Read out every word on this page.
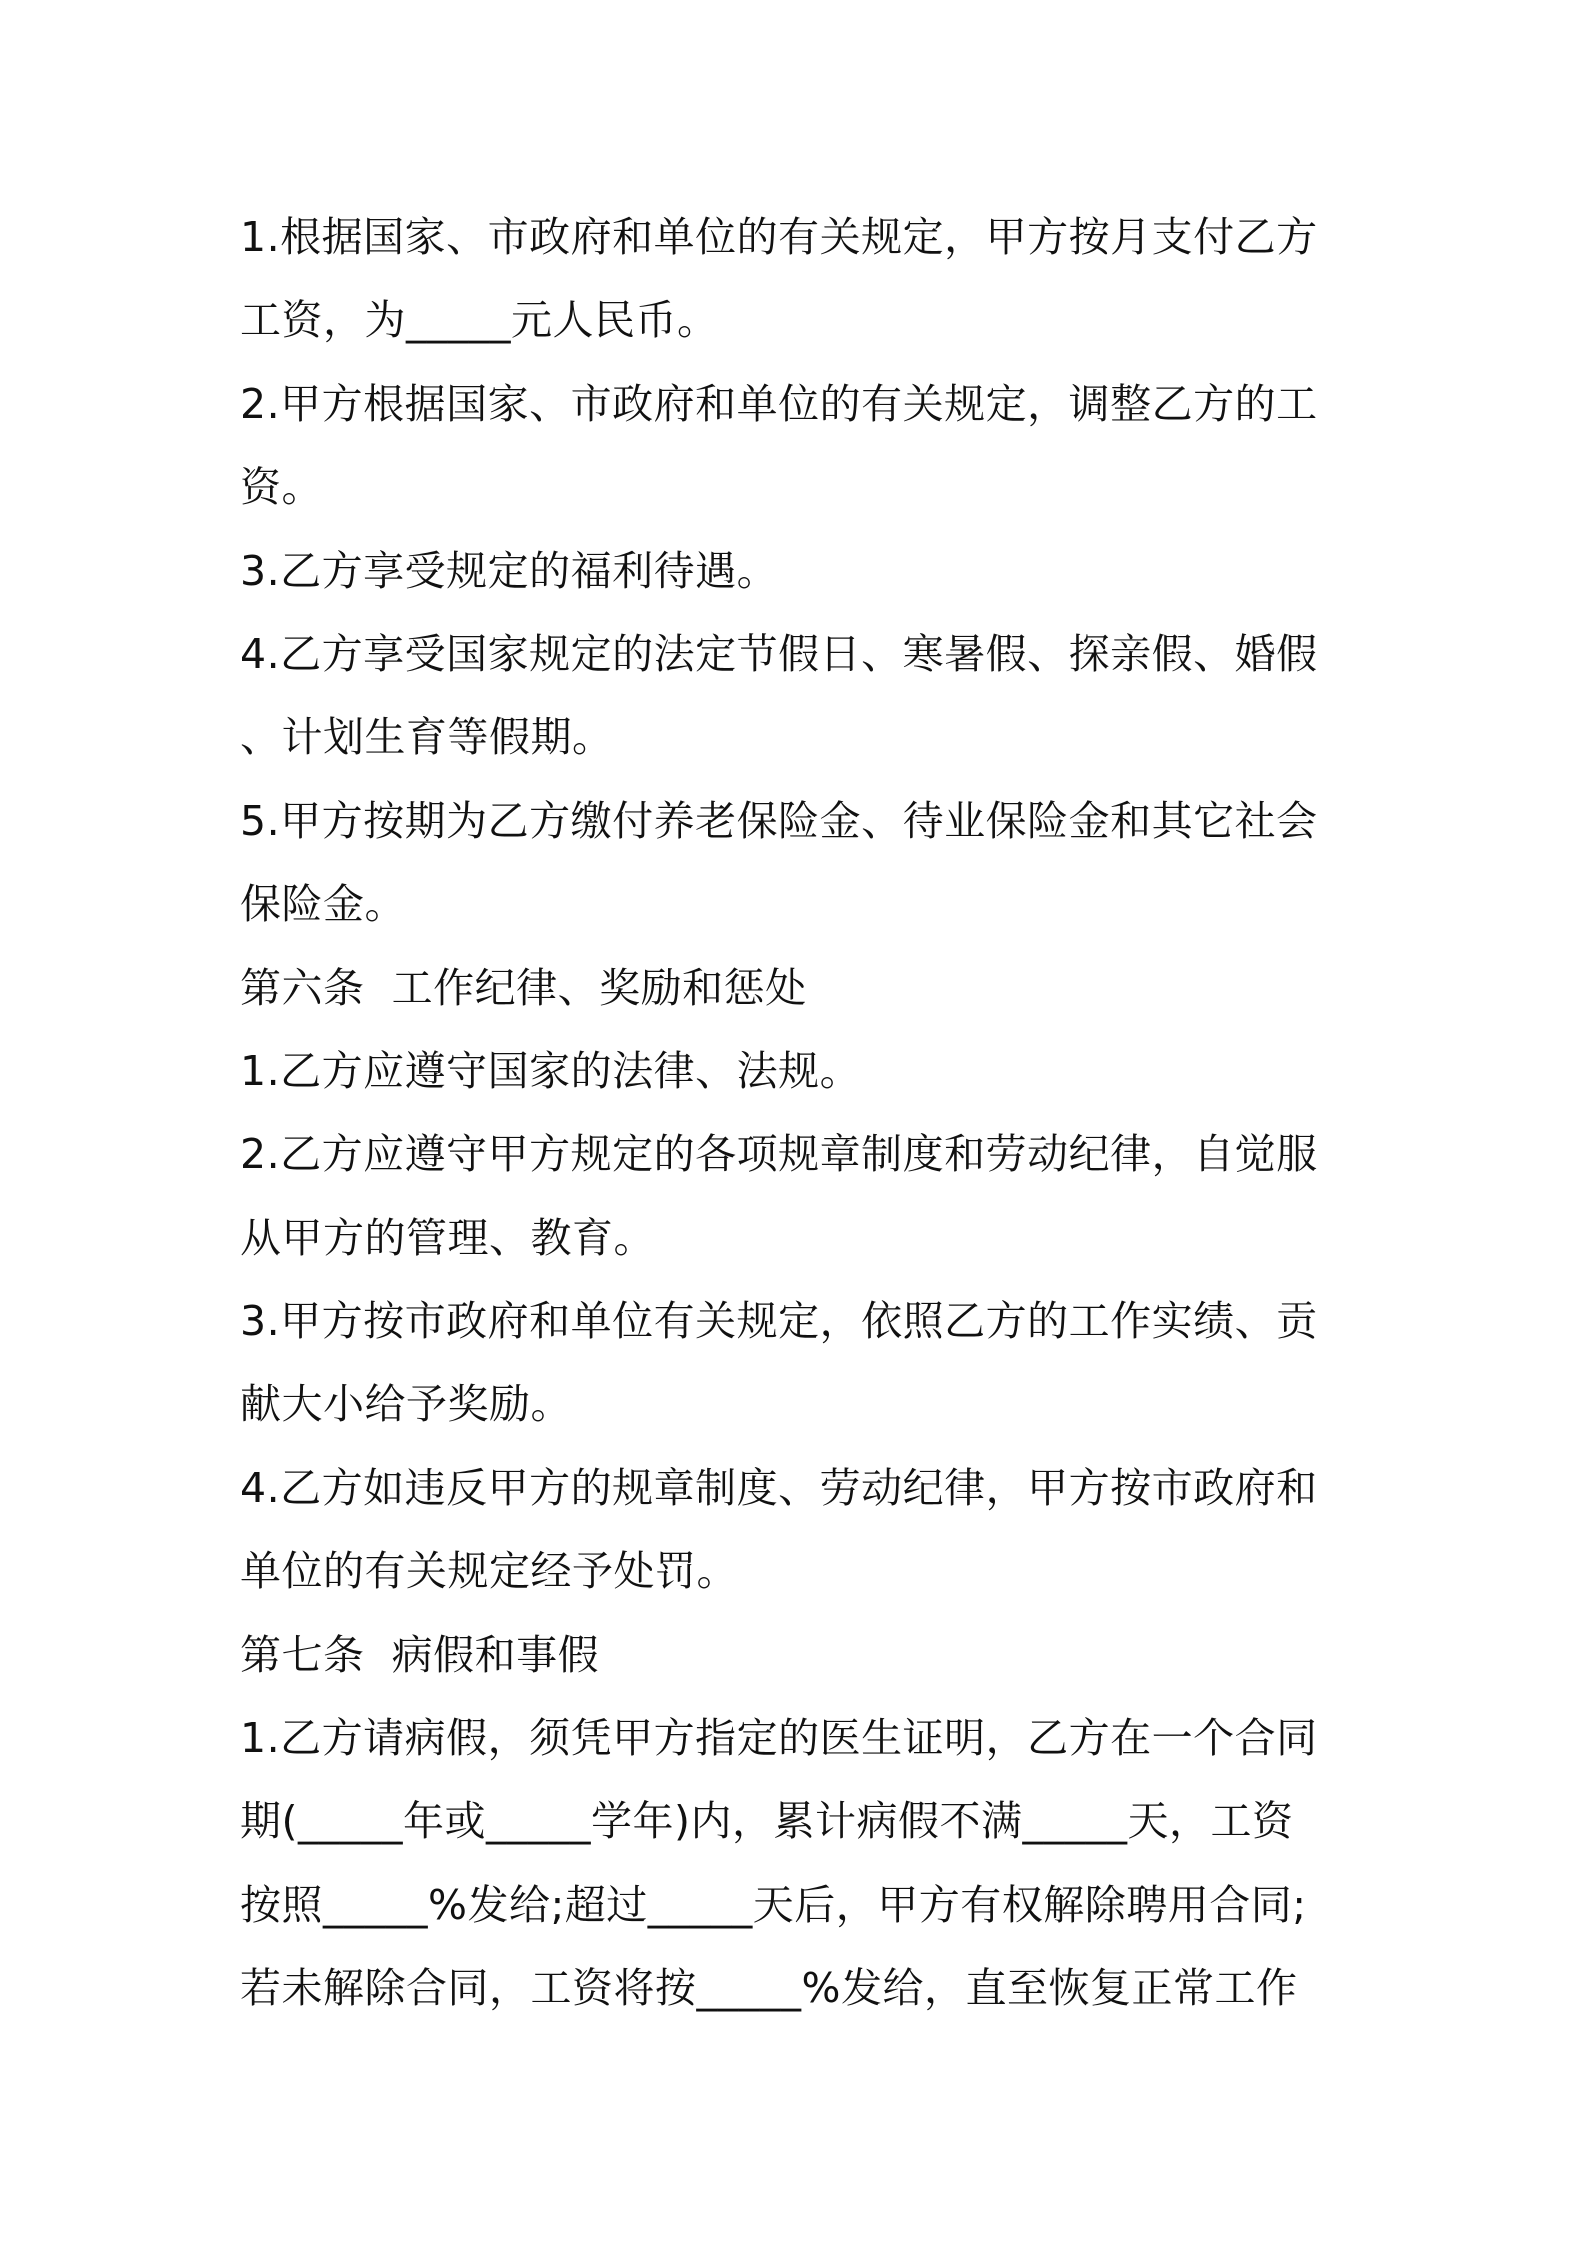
1.根据国家、市政府和单位的有关规定，甲方按月支付乙方
工资，为_____元人民币。
2.甲方根据国家、市政府和单位的有关规定，调整乙方的工
资。
3.乙方享受规定的福利待遇。
4.乙方享受国家规定的法定节假日、寒暑假、探亲假、婚假
、计划生育等假期。
5.甲方按期为乙方缴付养老保险金、待业保险金和其它社会
保险金。
第六条  工作纪律、奖励和惩处
1.乙方应遵守国家的法律、法规。
2.乙方应遵守甲方规定的各项规章制度和劳动纪律，自觉服
从甲方的管理、教育。
3.甲方按市政府和单位有关规定，依照乙方的工作实绩、贡
献大小给予奖励。
4.乙方如违反甲方的规章制度、劳动纪律，甲方按市政府和
单位的有关规定经予处罚。
第七条  病假和事假
1.乙方请病假，须凭甲方指定的医生证明，乙方在一个合同
期(_____年或_____学年)内，累计病假不满_____天，工资
按照_____%发给;超过_____天后，甲方有权解除聘用合同;
若未解除合同，工资将按_____%发给，直至恢复正常工作
